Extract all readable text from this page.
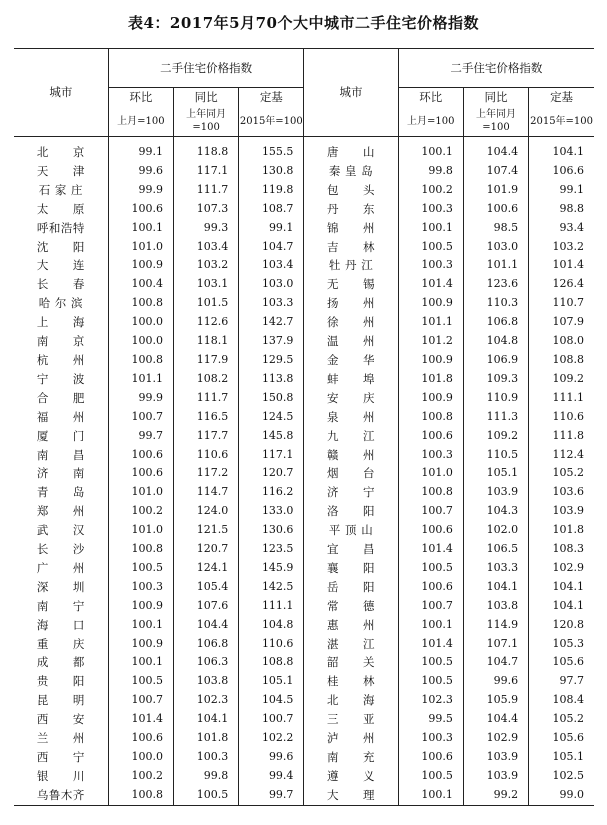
表4：2017年5月70个大中城市二手住宅价格指数
城市	二手住宅价格指数			城市	二手住宅价格指数		
	环比	同比	定基		环比	同比	定基
	上月=100	上年同月=100	2015年=100		上月=100	上年同月=100	2015年=100
北　　京	99.1	118.8	155.5	唐　　山	100.1	104.4	104.1
天　　津	99.6	117.1	130.8	秦 皇 岛	99.8	107.4	106.6
石 家 庄	99.9	111.7	119.8	包　　头	100.2	101.9	99.1
太　　原	100.6	107.3	108.7	丹　　东	100.3	100.6	98.8
呼和浩特	100.1	99.3	99.1	锦　　州	100.1	98.5	93.4
沈　　阳	101.0	103.4	104.7	吉　　林	100.5	103.0	103.2
大　　连	100.9	103.2	103.4	牡 丹 江	100.3	101.1	101.4
长　　春	100.4	103.1	103.0	无　　锡	101.4	123.6	126.4
哈 尔 滨	100.8	101.5	103.3	扬　　州	100.9	110.3	110.7
上　　海	100.0	112.6	142.7	徐　　州	101.1	106.8	107.9
南　　京	100.0	118.1	137.9	温　　州	101.2	104.8	108.0
杭　　州	100.8	117.9	129.5	金　　华	100.9	106.9	108.8
宁　　波	101.1	108.2	113.8	蚌　　埠	101.8	109.3	109.2
合　　肥	99.9	111.7	150.8	安　　庆	100.9	110.9	111.1
福　　州	100.7	116.5	124.5	泉　　州	100.8	111.3	110.6
厦　　门	99.7	117.7	145.8	九　　江	100.6	109.2	111.8
南　　昌	100.6	110.6	117.1	赣　　州	100.3	110.5	112.4
济　　南	100.6	117.2	120.7	烟　　台	101.0	105.1	105.2
青　　岛	101.0	114.7	116.2	济　　宁	100.8	103.9	103.6
郑　　州	100.2	124.0	133.0	洛　　阳	100.7	104.3	103.9
武　　汉	101.0	121.5	130.6	平 顶 山	100.6	102.0	101.8
长　　沙	100.8	120.7	123.5	宜　　昌	101.4	106.5	108.3
广　　州	100.5	124.1	145.9	襄　　阳	100.5	103.3	102.9
深　　圳	100.3	105.4	142.5	岳　　阳	100.6	104.1	104.1
南　　宁	100.9	107.6	111.1	常　　德	100.7	103.8	104.1
海　　口	100.1	104.4	104.8	惠　　州	100.1	114.9	120.8
重　　庆	100.9	106.8	110.6	湛　　江	101.4	107.1	105.3
成　　都	100.1	106.3	108.8	韶　　关	100.5	104.7	105.6
贵　　阳	100.5	103.8	105.1	桂　　林	100.5	99.6	97.7
昆　　明	100.7	102.3	104.5	北　　海	102.3	105.9	108.4
西　　安	101.4	104.1	100.7	三　　亚	99.5	104.4	105.2
兰　　州	100.6	101.8	102.2	泸　　州	100.3	102.9	105.6
西　　宁	100.0	100.3	99.6	南　　充	100.6	103.9	105.1
银　　川	100.2	99.8	99.4	遵　　义	100.5	103.9	102.5
乌鲁木齐	100.8	100.5	99.7	大　　理	100.1	99.2	99.0
